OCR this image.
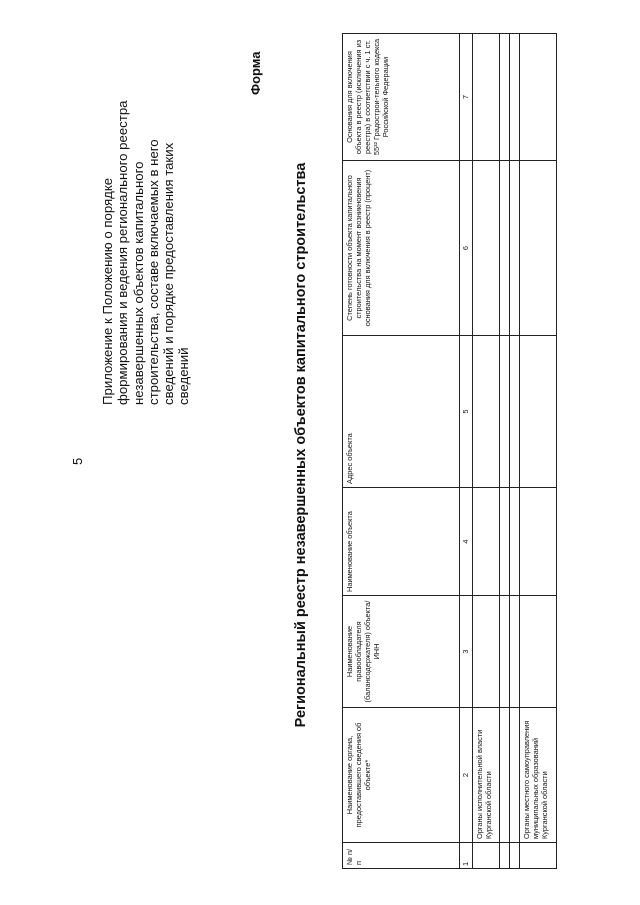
5
Приложение к Положению о порядке формирования и ведения регионального реестра незавершенных объектов капитального строительства, составе включаемых в него сведений и порядке предоставления таких сведений
Форма
Региональный реестр незавершенных объектов капитального строительства
№ п/п	Наименование органа, предоставившего сведения об объекте*	Наименование правообладателя (балансодержателя) объекта/ ИНН	Наименование объекта	Адрес объекта	Степень готовности объекта капитального строительства на момент возникновения основания для включения в реестр (процент)	Основания для включения объекта в реестр (исключения из реестра) в соответствии с ч. 1 ст. 55³² Градострои-тельного кодекса Российской Федерации
1	2	3	4	5	6	7
	Органы исполнительной власти Курганской области					

	Органы местного самоуправления муниципальных образований Курганской области					
